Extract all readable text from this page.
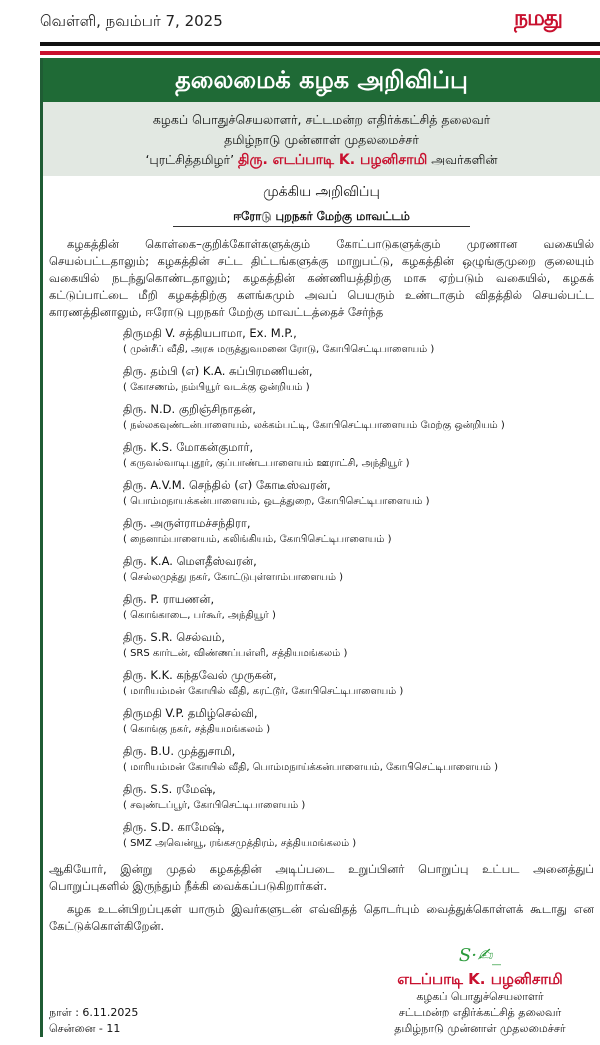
வெள்ளி, நவம்பர் 7, 2025	நமது
தலைமைக் கழக அறிவிப்பு
கழகப் பொதுச்செயலாளர், சட்டமன்ற எதிர்க்கட்சித் தலைவர்
தமிழ்நாடு முன்னாள் முதலமைச்சர்
‘புரட்சித்தமிழர்’ திரு. எடப்பாடி K. பழனிசாமி அவர்களின்
முக்கிய அறிவிப்பு
ஈரோடு புறநகர் மேற்கு மாவட்டம்
கழகத்தின் கொள்கை–குறிக்கோள்களுக்கும் கோட்பாடுகளுக்கும் முரணான வகையில் செயல்பட்டதாலும்; கழகத்தின் சட்ட திட்டங்களுக்கு மாறுபட்டு, கழகத்தின் ஒழுங்குமுறை குலையும் வகையில் நடந்துகொண்டதாலும்; கழகத்தின் கண்ணியத்திற்கு மாசு ஏற்படும் வகையில், கழகக் கட்டுப்பாட்டை மீறி கழகத்திற்கு களங்கமும் அவப் பெயரும் உண்டாகும் விதத்தில் செயல்பட்ட காரணத்தினாலும், ஈரோடு புறநகர் மேற்கு மாவட்டத்தைச் சேர்ந்த
திருமதி V. சத்தியபாமா, Ex. M.P.,
( முன்சீப் வீதி, அரசு மருத்துவமனை ரோடு, கோபிசெட்டிபாளையம் )
திரு. தம்பி (எ) K.A. சுப்பிரமணியன்,
( கோசணம், நம்பியூர் வடக்கு ஒன்றியம் )
திரு. N.D. குறிஞ்சிநாதன்,
( நல்லகவுண்டன்பாளையம், லக்கம்பட்டி, கோபிசெட்டிபாளையம் மேற்கு ஒன்றியம் )
திரு. K.S. மோகன்குமார்,
( கருவல்வாடிபுதூர், குப்பாண்டபாளையம் ஊராட்சி, அந்தியூர் )
திரு. A.V.M. செந்தில் (எ) கோடீஸ்வரன்,
( பொம்மநாயக்கன்பாளையம், ஒடத்துறை, கோபிசெட்டிபாளையம் )
திரு. அருள்ராமச்சந்திரா,
( நைனாம்பாளையம், கலிங்கியம், கோபிசெட்டிபாளையம் )
திரு. K.A. மௌதீஸ்வரன்,
( செல்லமுத்து நகர், கோட்டுபுள்ளாம்பாளையம் )
திரு. P. ராயணன்,
( கொங்காடை, பர்கூர், அந்தியூர் )
திரு. S.R. செல்வம்,
( SRS கார்டன், விண்ணப்பள்ளி, சத்தியமங்கலம் )
திரு. K.K. கந்தவேல் முருகன்,
( மாரியம்மன் கோயில் வீதி, கரட்டூர், கோபிசெட்டிபாளையம் )
திருமதி V.P. தமிழ்செல்வி,
( கொங்கு நகர், சத்தியமங்கலம் )
திரு. B.U. முத்துசாமி,
( மாரியம்மன் கோயில் வீதி, பொம்மநாய்க்கன்பாளையம், கோபிசெட்டிபாளையம் )
திரு. S.S. ரமேஷ்,
( சவுண்டப்பூர், கோபிசெட்டிபாளையம் )
திரு. S.D. காமேஷ்,
( SMZ அவென்யூ, ரங்கசமுத்திரம், சத்தியமங்கலம் )

ஆகியோர், இன்று முதல் கழகத்தின் அடிப்படை உறுப்பினர் பொறுப்பு உட்பட அனைத்துப் பொறுப்புகளில் இருந்தும் நீக்கி வைக்கப்படுகிறார்கள்.

கழக உடன்பிறப்புகள் யாரும் இவர்களுடன் எவ்விதத் தொடர்பும் வைத்துக்கொள்ளக் கூடாது என கேட்டுக்கொள்கிறேன்.

நாள் : 6.11.2025
சென்னை - 11
S·✍︎_
எடப்பாடி K. பழனிசாமி
கழகப் பொதுச்செயலாளர்
சட்டமன்ற எதிர்க்கட்சித் தலைவர்
தமிழ்நாடு முன்னாள் முதலமைச்சர்
